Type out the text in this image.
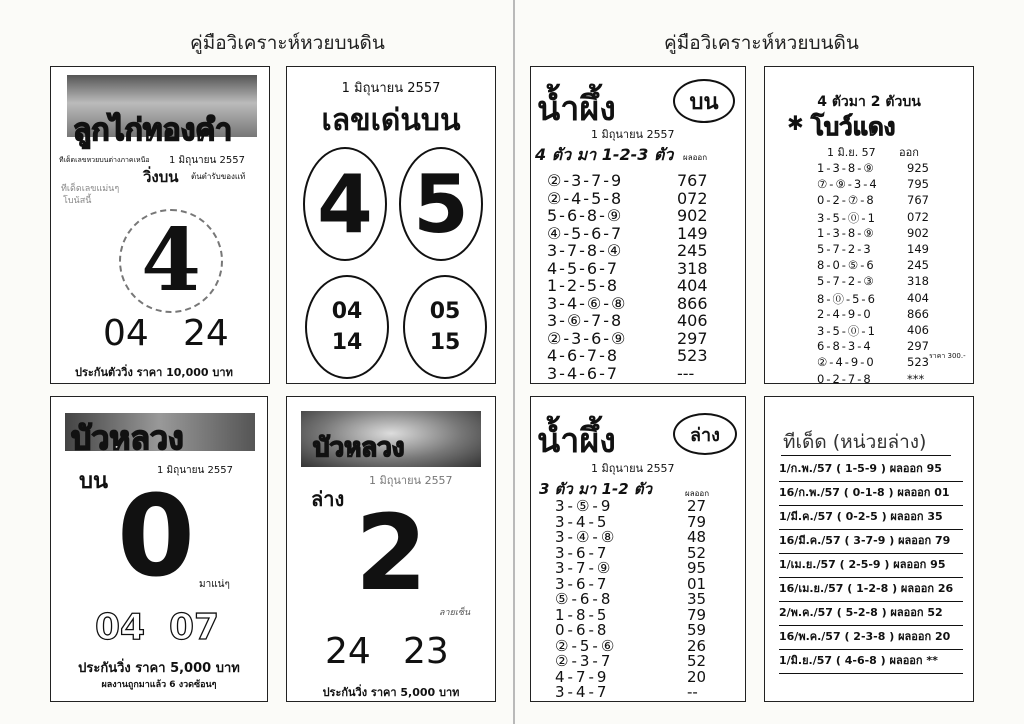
คู่มือวิเคราะห์หวยบนดิน	คู่มือวิเคราะห์หวยบนดิน
ลูกไก่ทองคำ
ทีเด็ดเลขหวยบนต่างภาคเหนือ 1 มิถุนายน 2557
วิ่งบน ต้นตำรับของแท้
ทีเด็ดเลขแม่นๆ
โบนัสนี้
4
04 24
ประกันตัววิ่ง ราคา 10,000 บาท
1 มิถุนายน 2557
เลขเด่นบน
4 5
04
14
05
15
น้ำผึ้ง	บน
1 มิถุนายน 2557
4 ตัว มา 1-2-3 ตัว ผลออก
②-3-7-9	767
②-4-5-8	072
5-6-8-⑨	902
④-5-6-7	149
3-7-8-④	245
4-5-6-7	318
1-2-5-8	404
3-4-⑥-⑧	866
3-⑥-7-8	406
②-3-6-⑨	297
4-6-7-8	523
3-4-6-7	---
4 ตัวมา 2 ตัวบน
✱ โบว์แดง
1 มิ.ย. 57 ออก
1-3-8-⑨	925
⑦-⑨-3-4 795
0-2-⑦-8	767
3-5-⓪-1	072
1-3-8-⑨	902
5-7-2-3	149
8-0-⑤-6	245
5-7-2-③	318
8-⓪-5-6	404
2-4-9-0	866
3-5-⓪-1	406
6-8-3-4	297
②-4-9-0	523
0-2-7-8	***
ราคา 300.-
บัวหลวง
บน	1 มิถุนายน 2557
0 มาแน่ๆ
04 07
ประกันวิ่ง ราคา 5,000 บาท
ผลงานถูกมาแล้ว 6 งวดซ้อนๆ
บัวหลวง
1 มิถุนายน 2557
ล่าง 2 ลายเซ็น
24 23
ประกันวิ่ง ราคา 5,000 บาท
น้ำผึ้ง	ล่าง
1 มิถุนายน 2557
3 ตัว มา 1-2 ตัว	ผลออก
3-⑤-9	27
3-4-5	79
3-④-⑧	48
3-6-7	52
3-7-⑨	95
3-6-7	01
⑤-6-8	35
1-8-5	79
0-6-8	59
②-5-⑥	26
②-3-7	52
4-7-9	20
3-4-7	--
ทีเด็ด (หน่วยล่าง)
1/ก.พ./57 ( 1-5-9 ) ผลออก 95
16/ก.พ./57 ( 0-1-8 ) ผลออก 01
1/มี.ค./57 ( 0-2-5 ) ผลออก 35
16/มี.ค./57 ( 3-7-9 ) ผลออก 79
1/เม.ย./57 ( 2-5-9 ) ผลออก 95
16/เม.ย./57 ( 1-2-8 ) ผลออก 26
2/พ.ค./57 ( 5-2-8 ) ผลออก 52
16/พ.ค./57 ( 2-3-8 ) ผลออก 20
1/มิ.ย./57 ( 4-6-8 ) ผลออก **
